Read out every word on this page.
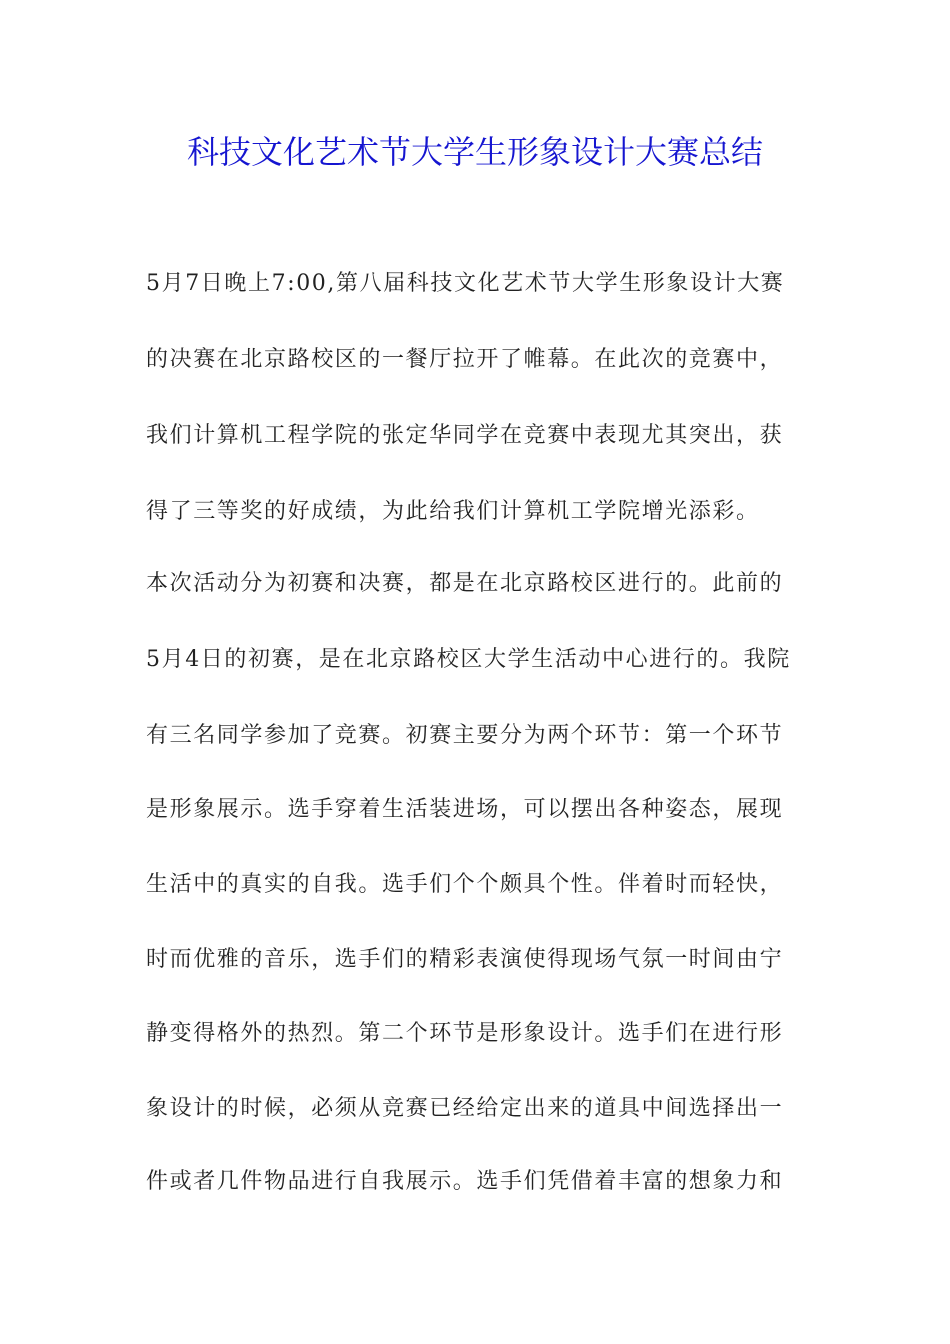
科技文化艺术节大学生形象设计大赛总结
5月7日晚上7:00,第八届科技文化艺术节大学生形象设计大赛
的决赛在北京路校区的一餐厅拉开了帷幕。在此次的竞赛中，
我们计算机工程学院的张定华同学在竞赛中表现尤其突出，获
得了三等奖的好成绩，为此给我们计算机工学院增光添彩。
本次活动分为初赛和决赛，都是在北京路校区进行的。此前的
5月4日的初赛，是在北京路校区大学生活动中心进行的。我院
有三名同学参加了竞赛。初赛主要分为两个环节：第一个环节
是形象展示。选手穿着生活装进场，可以摆出各种姿态，展现
生活中的真实的自我。选手们个个颇具个性。伴着时而轻快，
时而优雅的音乐，选手们的精彩表演使得现场气氛一时间由宁
静变得格外的热烈。第二个环节是形象设计。选手们在进行形
象设计的时候，必须从竞赛已经给定出来的道具中间选择出一
件或者几件物品进行自我展示。选手们凭借着丰富的想象力和
